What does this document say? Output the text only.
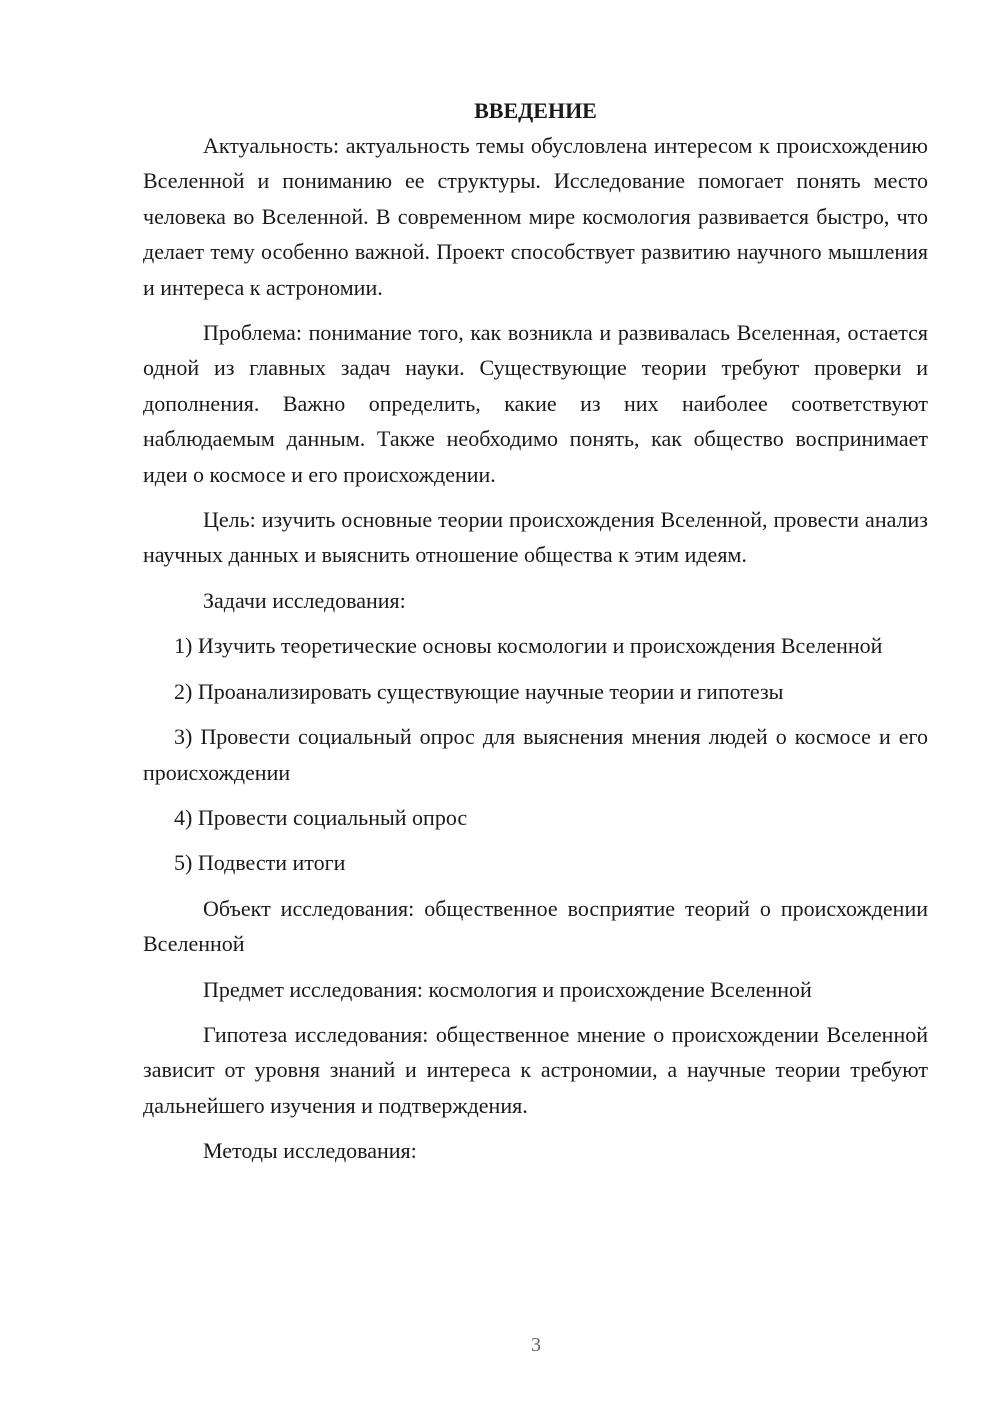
ВВЕДЕНИЕ

Актуальность: актуальность темы обусловлена интересом к происхождению Вселенной и пониманию ее структуры. Исследование помогает понять место человека во Вселенной. В современном мире космология развивается быстро, что делает тему особенно важной. Проект способствует развитию научного мышления и интереса к астрономии.

Проблема: понимание того, как возникла и развивалась Вселенная, остается одной из главных задач науки. Существующие теории требуют проверки и дополнения. Важно определить, какие из них наиболее соответствуют наблюдаемым данным. Также необходимо понять, как общество воспринимает идеи о космосе и его происхождении.

Цель: изучить основные теории происхождения Вселенной, провести анализ научных данных и выяснить отношение общества к этим идеям.

Задачи исследования:

1) Изучить теоретические основы космологии и происхождения Вселенной

2) Проанализировать существующие научные теории и гипотезы

3) Провести социальный опрос для выяснения мнения людей о космосе и его происхождении

4) Провести социальный опрос

5) Подвести итоги

Объект исследования: общественное восприятие теорий о происхождении Вселенной

Предмет исследования: космология и происхождение Вселенной

Гипотеза исследования: общественное мнение о происхождении Вселенной зависит от уровня знаний и интереса к астрономии, а научные теории требуют дальнейшего изучения и подтверждения.

Методы исследования:

3
